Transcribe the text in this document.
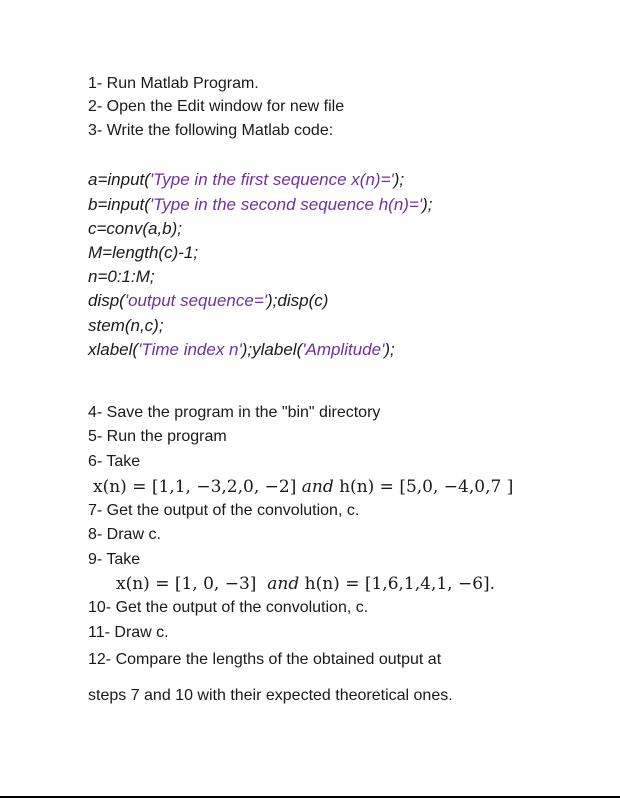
1- Run Matlab Program.
2- Open the Edit window for new file
3- Write the following Matlab code:
a=input('Type in the first sequence x(n)=');
b=input('Type in the second sequence h(n)=');
c=conv(a,b);
M=length(c)-1;
n=0:1:M;
disp('output sequence=');disp(c)
stem(n,c);
xlabel('Time index n');ylabel('Amplitude');
4- Save the program in the "bin" directory
5- Run the program
6- Take
x(n) = [1,1, −3,2,0, −2] and h(n) = [5,0, −4,0,7 ]
7- Get the output of the convolution, c.
8- Draw c.
9- Take
x(n) = [1, 0, −3] and h(n) = [1,6,1,4,1, −6].
10- Get the output of the convolution, c.
11- Draw c.
12- Compare the lengths of the obtained output at
steps 7 and 10 with their expected theoretical ones.
